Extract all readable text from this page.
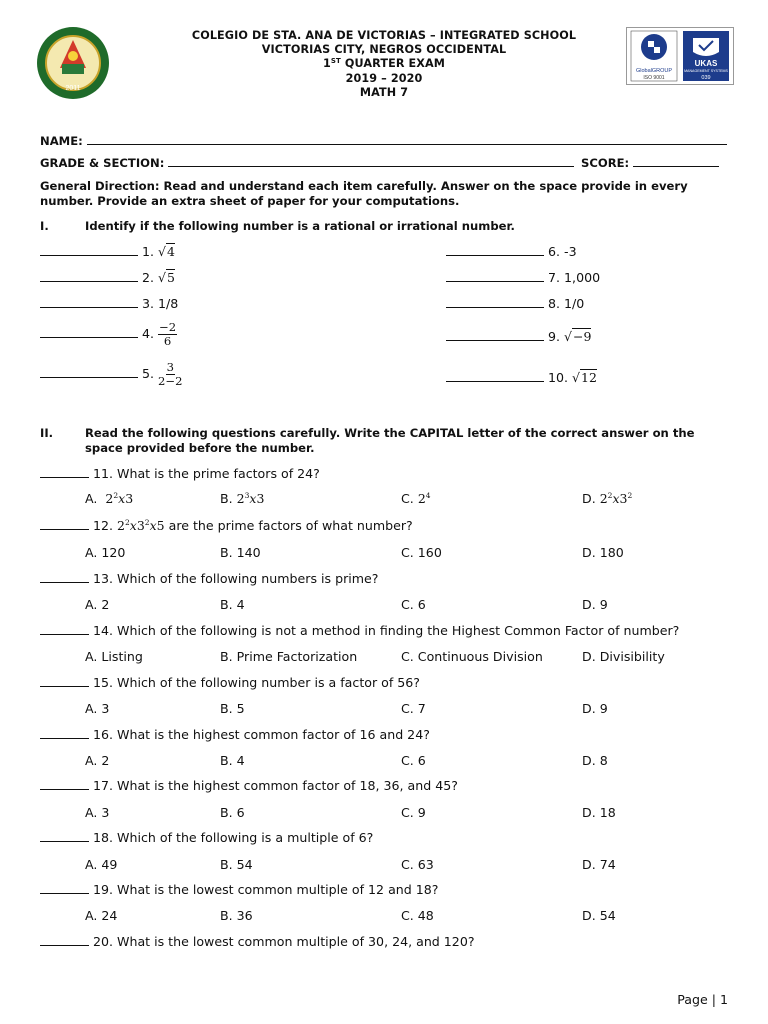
2011
COLEGIO DE STA. ANA DE VICTORIAS – INTEGRATED SCHOOL
VICTORIAS CITY, NEGROS OCCIDENTAL
1ST QUARTER EXAM
2019 – 2020
MATH 7
GlobalGROUP
ISO 9001
UKAS
MANAGEMENT SYSTEMS
039
NAME:
GRADE & SECTION:	SCORE:
General Direction: Read and understand each item carefully. Answer on the space provide in every number. Provide an extra sheet of paper for your computations.
I.	Identify if the following number is a rational or irrational number.
1. √4
2. √5
3. 1/8
4. $\frac{-2}{6}$
5. $\frac{3}{2-2}$
6. -3
7. 1,000
8. 1/0
9. √−9
10. √12
II.	Read the following questions carefully. Write the CAPITAL letter of the correct answer on the space provided before the number.
11. What is the prime factors of 24?
A. $2^2x3$	B. $2^3x3$	C. $2^4$	D. $2^2x3^2$
12. $2^2x3^2x5$ are the prime factors of what number?
A. 120	B. 140	C. 160	D. 180
13. Which of the following numbers is prime?
A. 2	B. 4	C. 6	D. 9
14. Which of the following is not a method in finding the Highest Common Factor of number?
A. Listing	B. Prime Factorization	C. Continuous Division	D. Divisibility
15. Which of the following number is a factor of 56?
A. 3	B. 5	C. 7	D. 9
16. What is the highest common factor of 16 and 24?
A. 2	B. 4	C. 6	D. 8
17. What is the highest common factor of 18, 36, and 45?
A. 3	B. 6	C. 9	D. 18
18. Which of the following is a multiple of 6?
A. 49	B. 54	C. 63	D. 74
19. What is the lowest common multiple of 12 and 18?
A. 24	B. 36	C. 48	D. 54
20. What is the lowest common multiple of 30, 24, and 120?
Page | 1
